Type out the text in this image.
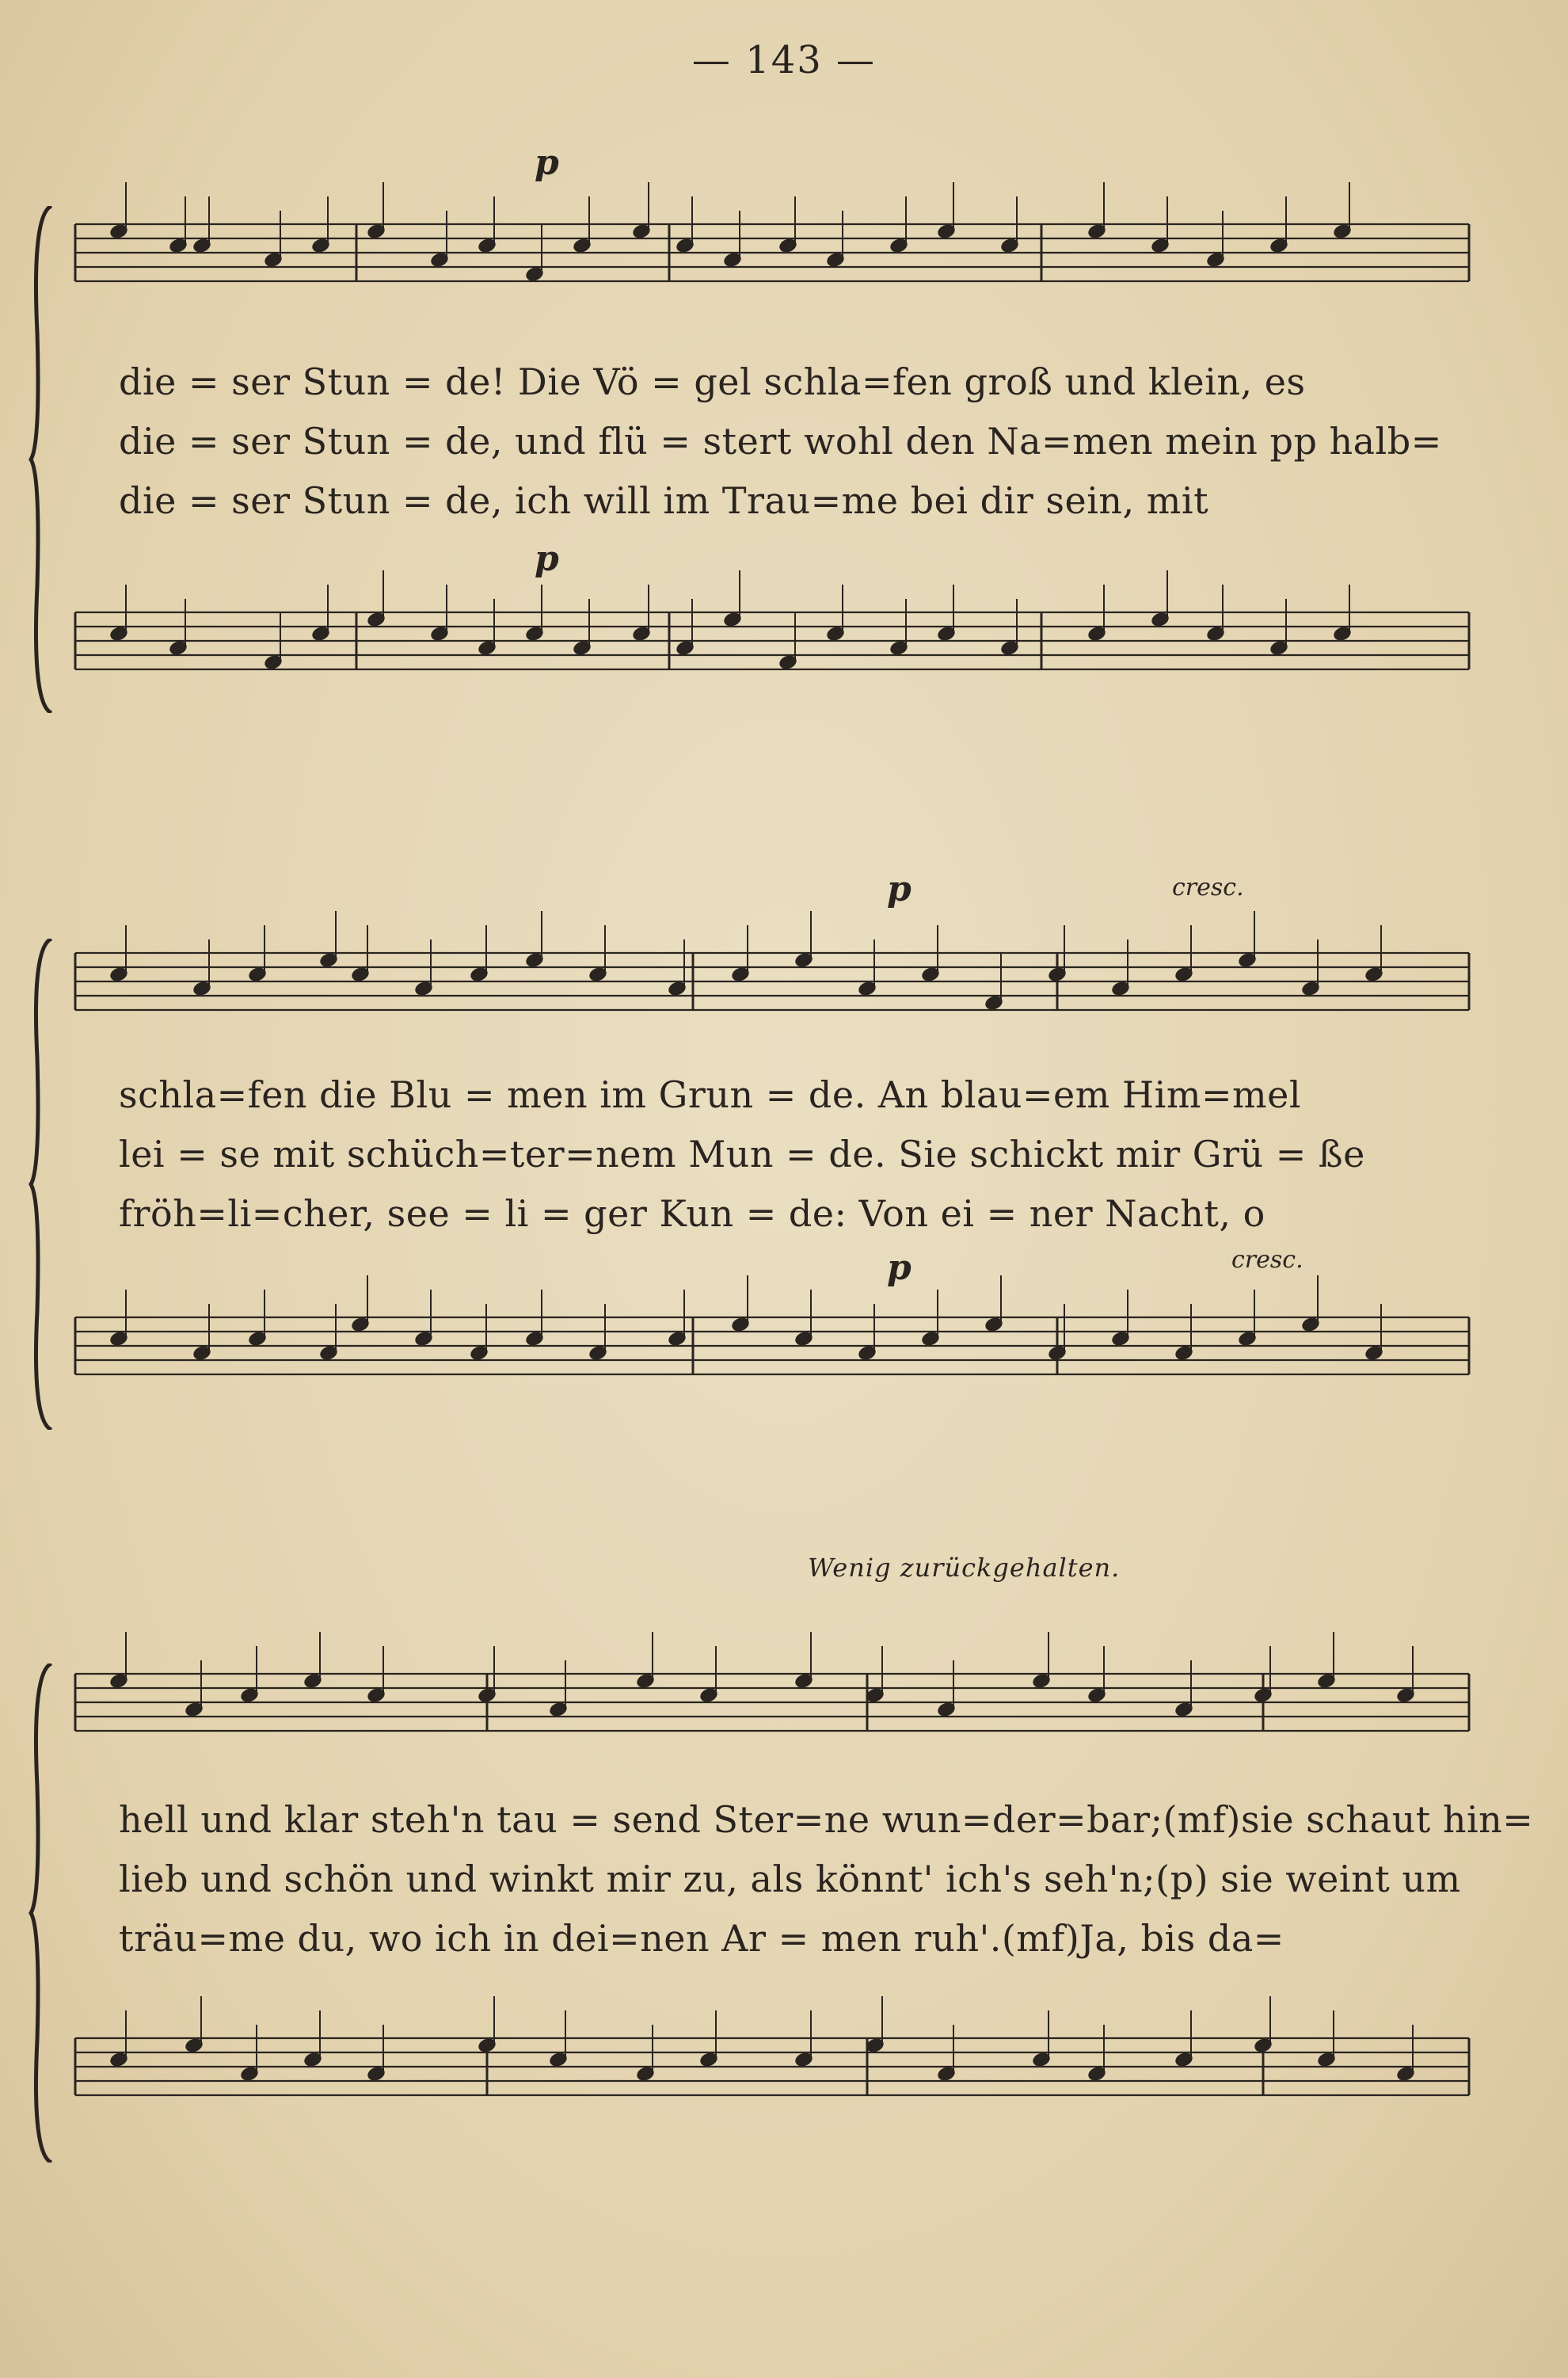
— 143 —
p
die = ser Stun = de! Die Vö = gel schla=fen groß und klein, es
die = ser Stun = de, und flü = stert wohl den Na=men mein pp halb=
die = ser Stun = de, ich will im Trau=me bei dir sein, mit
p
p	cresc.
schla=fen die Blu = men im Grun = de. An blau=em Him=mel
lei = se mit schüch=ter=nem Mun = de. Sie schickt mir Grü = ße
fröh=li=cher, see = li = ger Kun = de: Von ei = ner Nacht, o
p	cresc.
Wenig zurückgehalten.
hell und klar steh'n tau = send Ster=ne wun=der=bar;(mf)sie schaut hin=
lieb und schön und winkt mir zu, als könnt' ich's seh'n;(p) sie weint um
träu=me du, wo ich in dei=nen Ar = men ruh'.(mf)Ja, bis da=
